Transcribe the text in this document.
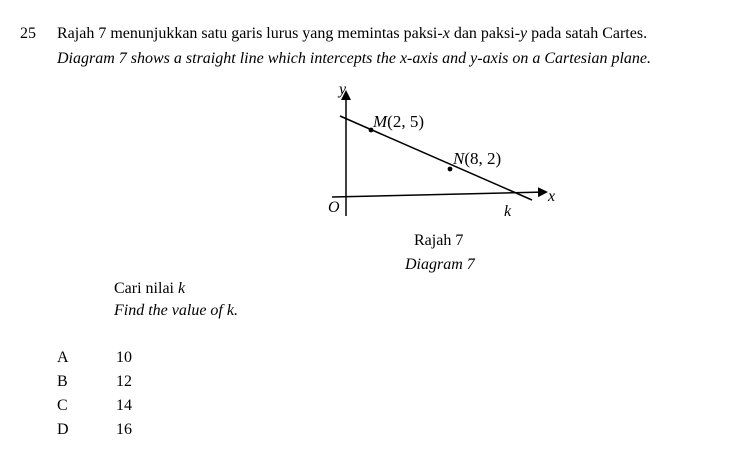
25 Rajah 7 menunjukkan satu garis lurus yang memintas paksi-x dan paksi-y pada satah Cartes.
Diagram 7 shows a straight line which intercepts the x-axis and y-axis on a Cartesian plane.
y
x
O
M(2, 5)
N(8, 2)
k
Rajah 7
Diagram 7
Cari nilai k
Find the value of k.
A	10
B	12
C	14
D	16
